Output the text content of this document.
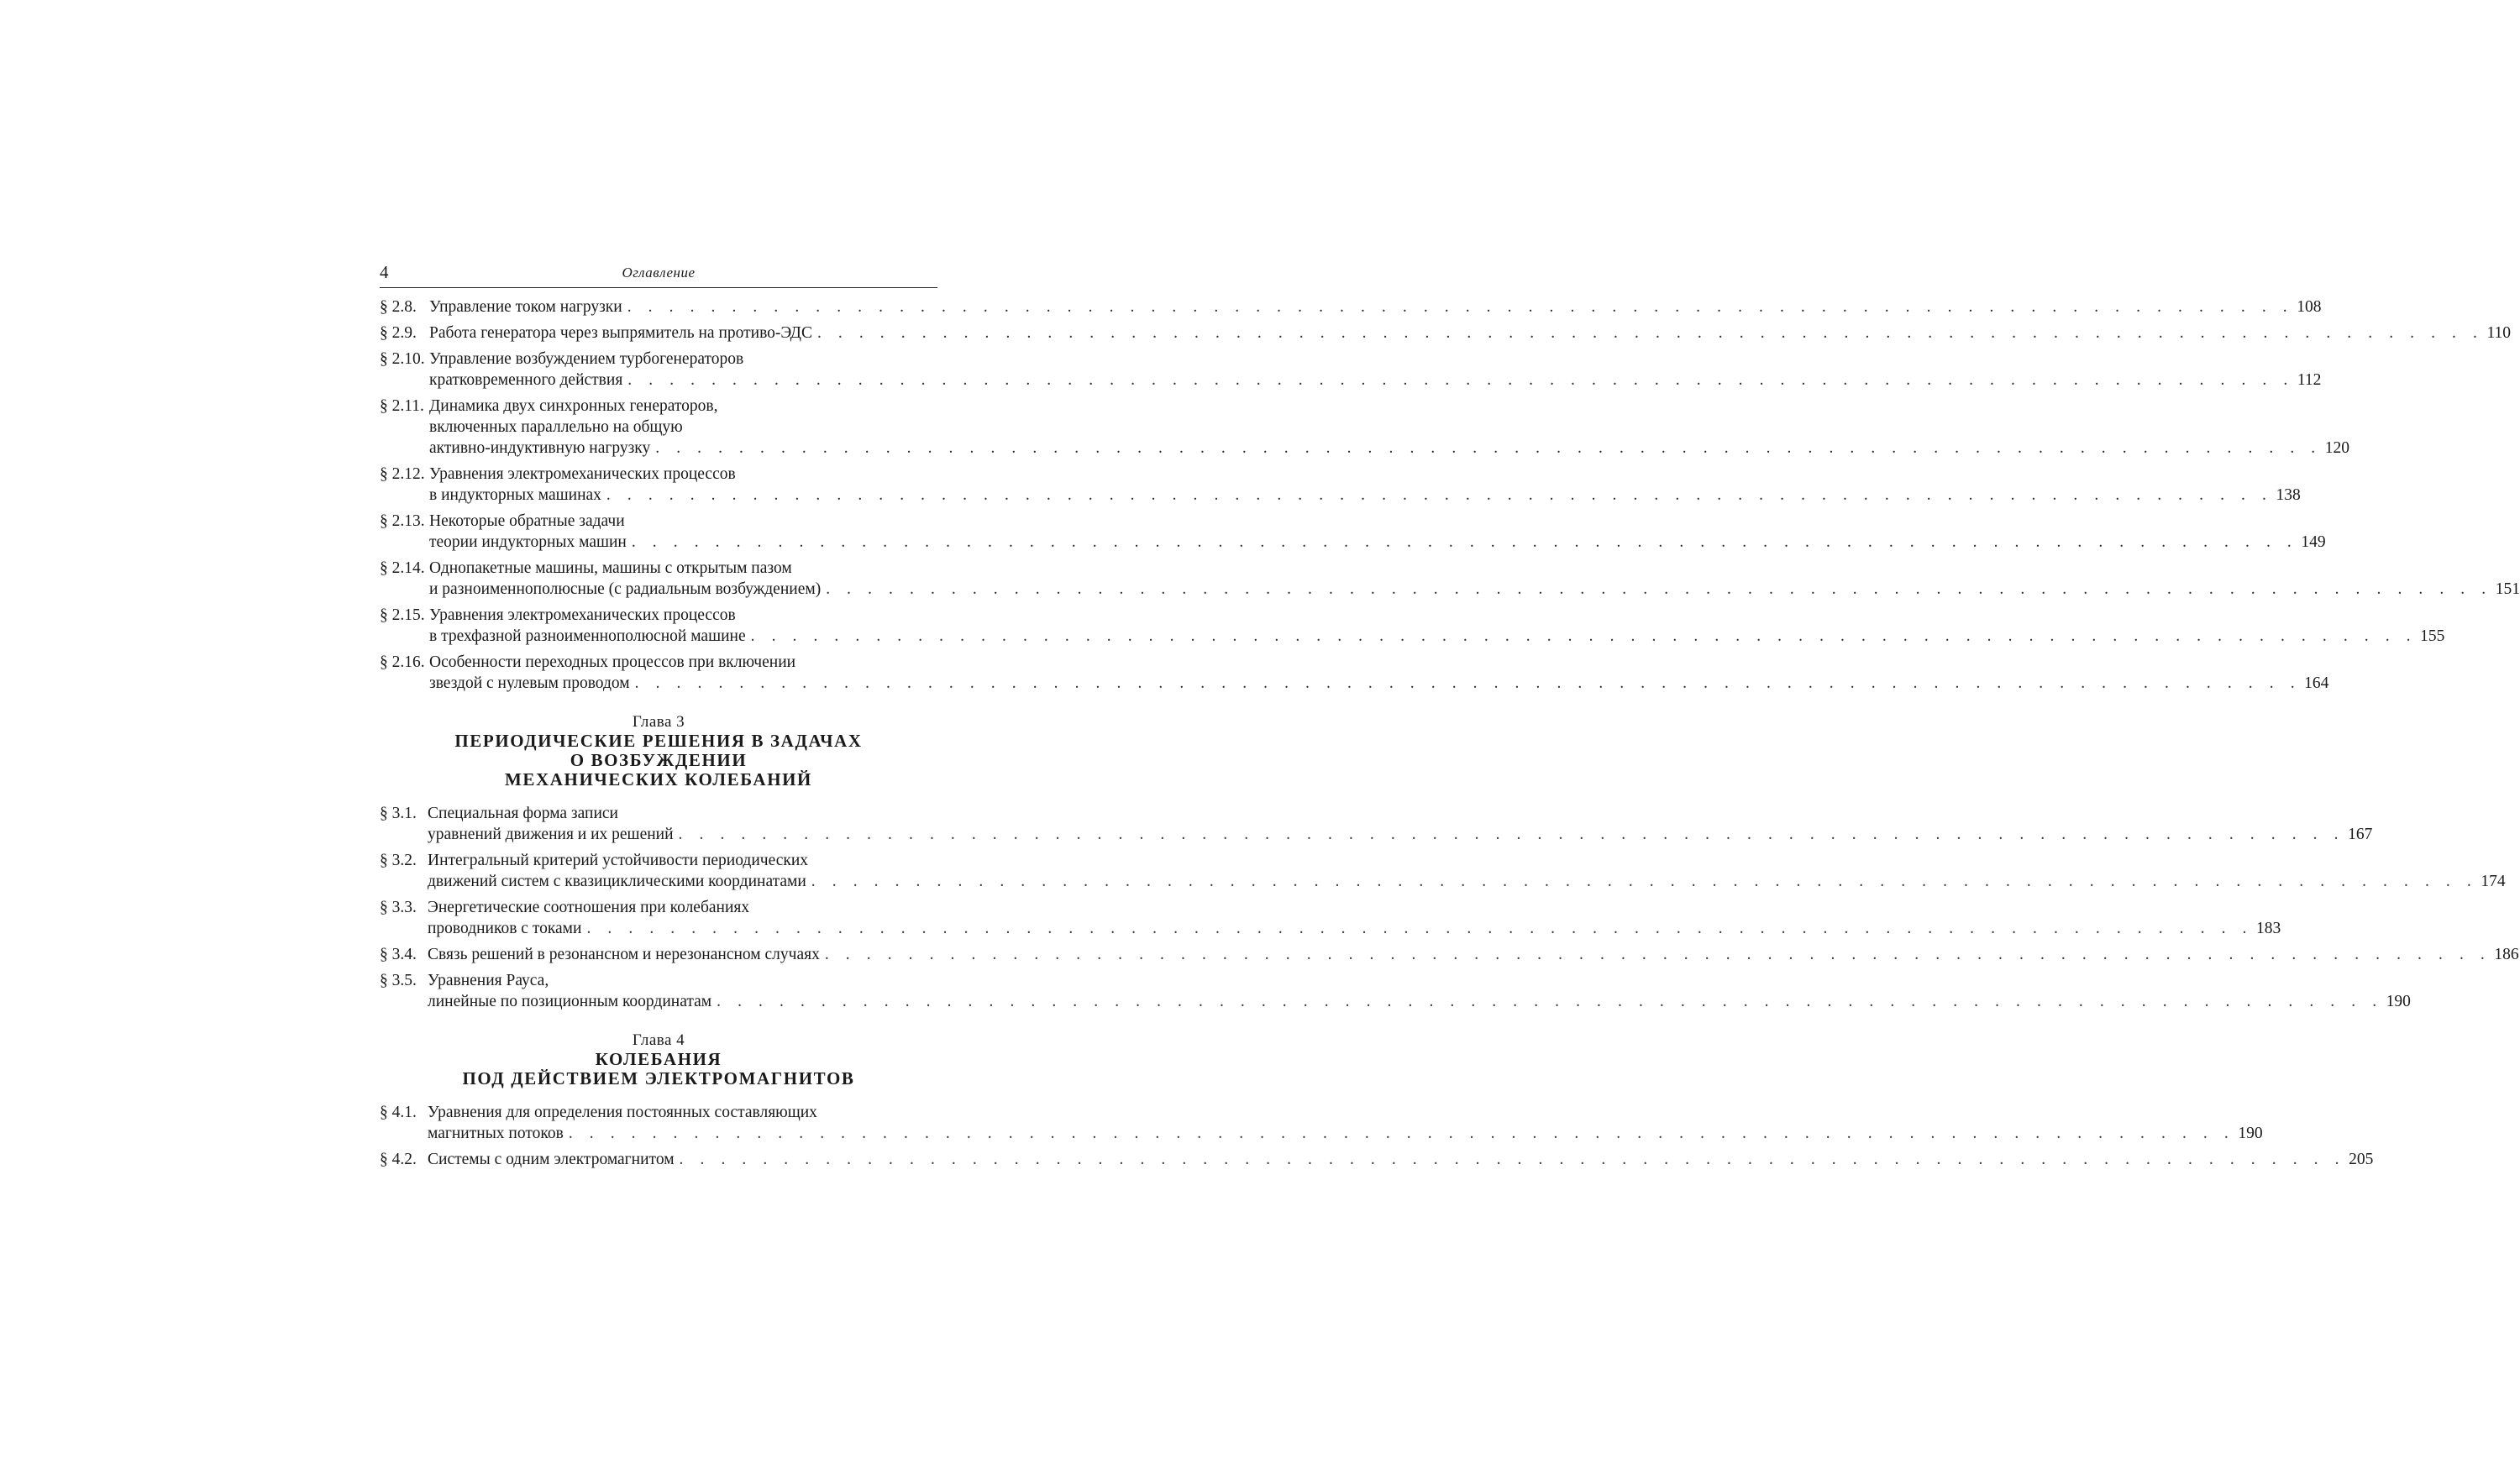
4	Оглавление
§ 2.8. Управление током нагрузки . . . . . . . . . . . . . . . . . . . . . . . . . . . . . . . . . . . . . . . . . . . . . . . . . . . . . . . . . . . . . . . . . . . . . . . . . . . . . . . . 108
§ 2.9. Работа генератора через выпрямитель на противо-ЭДС . . . . . . . . . . . . . . . . . . . . . . . . . . . . . . . . . . . . . . . . . . . . . . . . . . . . . . . . . . . . . . . . . . . . . . . . . . . . . . . . 110
§ 2.10. Управление возбуждением турбогенераторов
кратковременного действия . . . . . . . . . . . . . . . . . . . . . . . . . . . . . . . . . . . . . . . . . . . . . . . . . . . . . . . . . . . . . . . . . . . . . . . . . . . . . . . . 112
§ 2.11. Динамика двух синхронных генераторов,
включенных параллельно на общую
активно-индуктивную нагрузку . . . . . . . . . . . . . . . . . . . . . . . . . . . . . . . . . . . . . . . . . . . . . . . . . . . . . . . . . . . . . . . . . . . . . . . . . . . . . . . . 120
§ 2.12. Уравнения электромеханических процессов
в индукторных машинах . . . . . . . . . . . . . . . . . . . . . . . . . . . . . . . . . . . . . . . . . . . . . . . . . . . . . . . . . . . . . . . . . . . . . . . . . . . . . . . . 138
§ 2.13. Некоторые обратные задачи
теории индукторных машин . . . . . . . . . . . . . . . . . . . . . . . . . . . . . . . . . . . . . . . . . . . . . . . . . . . . . . . . . . . . . . . . . . . . . . . . . . . . . . . . 149
§ 2.14. Однопакетные машины, машины с открытым пазом
и разноименнополюсные (с радиальным возбуждением) . . . . . . . . . . . . . . . . . . . . . . . . . . . . . . . . . . . . . . . . . . . . . . . . . . . . . . . . . . . . . . . . . . . . . . . . . . . . . . . . 151
§ 2.15. Уравнения электромеханических процессов
в трехфазной разноименнополюсной машине . . . . . . . . . . . . . . . . . . . . . . . . . . . . . . . . . . . . . . . . . . . . . . . . . . . . . . . . . . . . . . . . . . . . . . . . . . . . . . . . 155
§ 2.16. Особенности переходных процессов при включении
звездой с нулевым проводом . . . . . . . . . . . . . . . . . . . . . . . . . . . . . . . . . . . . . . . . . . . . . . . . . . . . . . . . . . . . . . . . . . . . . . . . . . . . . . . . 164
Глава 3
ПЕРИОДИЧЕСКИЕ РЕШЕНИЯ В ЗАДАЧАХ
О ВОЗБУЖДЕНИИ
МЕХАНИЧЕСКИХ КОЛЕБАНИЙ
§ 3.1. Специальная форма записи
уравнений движения и их решений . . . . . . . . . . . . . . . . . . . . . . . . . . . . . . . . . . . . . . . . . . . . . . . . . . . . . . . . . . . . . . . . . . . . . . . . . . . . . . . . 167
§ 3.2. Интегральный критерий устойчивости периодических
движений систем с квазициклическими координатами . . . . . . . . . . . . . . . . . . . . . . . . . . . . . . . . . . . . . . . . . . . . . . . . . . . . . . . . . . . . . . . . . . . . . . . . . . . . . . . . 174
§ 3.3. Энергетические соотношения при колебаниях
проводников с токами . . . . . . . . . . . . . . . . . . . . . . . . . . . . . . . . . . . . . . . . . . . . . . . . . . . . . . . . . . . . . . . . . . . . . . . . . . . . . . . . 183
§ 3.4. Связь решений в резонансном и нерезонансном случаях . . . . . . . . . . . . . . . . . . . . . . . . . . . . . . . . . . . . . . . . . . . . . . . . . . . . . . . . . . . . . . . . . . . . . . . . . . . . . . . . 186
§ 3.5. Уравнения Рауса,
линейные по позиционным координатам . . . . . . . . . . . . . . . . . . . . . . . . . . . . . . . . . . . . . . . . . . . . . . . . . . . . . . . . . . . . . . . . . . . . . . . . . . . . . . . . 190
Глава 4
КОЛЕБАНИЯ
ПОД ДЕЙСТВИЕМ ЭЛЕКТРОМАГНИТОВ
§ 4.1. Уравнения для определения постоянных составляющих
магнитных потоков . . . . . . . . . . . . . . . . . . . . . . . . . . . . . . . . . . . . . . . . . . . . . . . . . . . . . . . . . . . . . . . . . . . . . . . . . . . . . . . . 190
§ 4.2. Системы с одним электромагнитом . . . . . . . . . . . . . . . . . . . . . . . . . . . . . . . . . . . . . . . . . . . . . . . . . . . . . . . . . . . . . . . . . . . . . . . . . . . . . . . . 205
